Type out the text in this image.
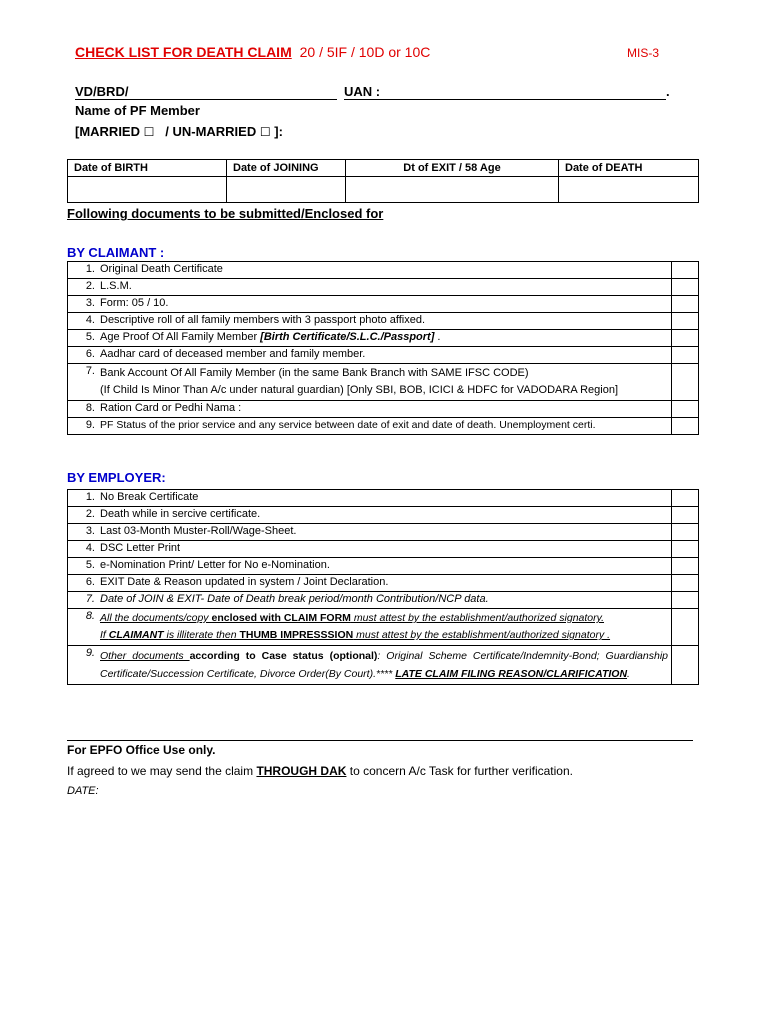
CHECK LIST FOR DEATH CLAIM 20 / 5IF / 10D or 10C	MIS-3
VD/BRD/	UAN :	.
Name of PF Member
[MARRIED ☐ / UN-MARRIED ☐ ]:
Date of BIRTH	Date of JOINING	Dt of EXIT / 58 Age	Date of DEATH

Following documents to be submitted/Enclosed for
BY CLAIMANT :
1.	Original Death Certificate	
2.	L.S.M.	
3.	Form: 05 / 10.	
4.	Descriptive roll of all family members with 3 passport photo affixed.	
5.	Age Proof Of All Family Member [Birth Certificate/S.L.C./Passport] .	
6.	Aadhar card of deceased member and family member.	
7.	Bank Account Of All Family Member (in the same Bank Branch with SAME IFSC CODE)
(If Child Is Minor Than A/c under natural guardian) [Only SBI, BOB, ICICI & HDFC for VADODARA Region]	

8.	Ration Card or Pedhi Nama :	
9.	PF Status of the prior service and any service between date of exit and date of death. Unemployment certi.	
BY EMPLOYER:
1.	No Break Certificate	
2.	Death while in sercive certificate.	
3.	Last 03-Month Muster-Roll/Wage-Sheet.	
4.	DSC Letter Print	
5.	e-Nomination Print/ Letter for No e-Nomination.	
6.	EXIT Date & Reason updated in system / Joint Declaration.	
7.	Date of JOIN & EXIT- Date of Death break period/month Contribution/NCP data.	
8.	All the documents/copy enclosed with CLAIM FORM must attest by the establishment/authorized signatory.
If CLAIMANT is illiterate then THUMB IMPRESSSION must attest by the establishment/authorized signatory .	

9.	Other documents according to Case status (optional): Original Scheme Certificate/Indemnity-Bond; Guardianship Certificate/Succession Certificate, Divorce Order(By Court).**** LATE CLAIM FILING REASON/CLARIFICATION.	
For EPFO Office Use only.
If agreed to we may send the claim THROUGH DAK to concern A/c Task for further verification.
DATE:
